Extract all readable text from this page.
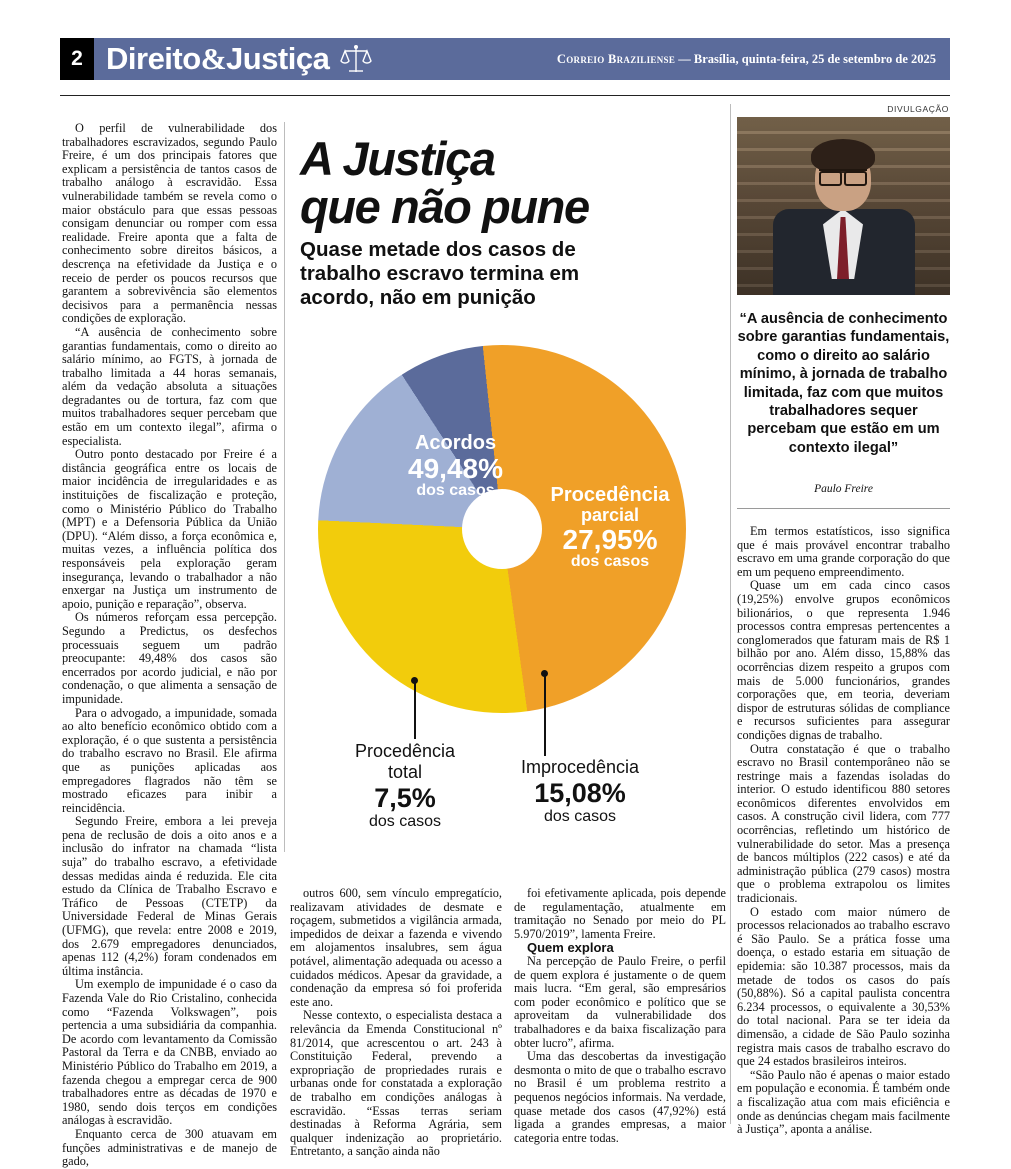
2 Direito & Justiça	Correio Braziliense — Brasília, quinta-feira, 25 de setembro de 2025
DIVULGAÇÃO
“A ausência de conhecimento sobre garantias fundamentais, como o direito ao salário mínimo, à jornada de trabalho limitada, faz com que muitos trabalhadores sequer percebam que estão em um contexto ilegal”
Paulo Freire
A Justiça
que não pune
Quase metade dos casos de trabalho escravo termina em acordo, não em punição
Acordos
49,48%
dos casos	Procedência
parcial
27,95%
dos casos
Procedência
total
7,5%
dos casos
Improcedência
15,08%
dos casos

O perfil de vulnerabilidade dos trabalhadores escravizados, segundo Paulo Freire, é um dos principais fatores que explicam a persistência de tantos casos de trabalho análogo à escravidão. Essa vulnerabilidade também se revela como o maior obstáculo para que essas pessoas consigam denunciar ou romper com essa realidade. Freire aponta que a falta de conhecimento sobre direitos básicos, a descrença na efetividade da Justiça e o receio de perder os poucos recursos que garantem a sobrevivência são elementos decisivos para a permanência nessas condições de exploração.

“A ausência de conhecimento sobre garantias fundamentais, como o direito ao salário mínimo, ao FGTS, à jornada de trabalho limitada a 44 horas semanais, além da vedação absoluta a situações degradantes ou de tortura, faz com que muitos trabalhadores sequer percebam que estão em um contexto ilegal”, afirma o especialista.

Outro ponto destacado por Freire é a distância geográfica entre os locais de maior incidência de irregularidades e as instituições de fiscalização e proteção, como o Ministério Público do Trabalho (MPT) e a Defensoria Pública da União (DPU). “Além disso, a força econômica e, muitas vezes, a influência política dos responsáveis pela exploração geram insegurança, levando o trabalhador a não enxergar na Justiça um instrumento de apoio, punição e reparação”, observa.

Os números reforçam essa percepção. Segundo a Predictus, os desfechos processuais seguem um padrão preocupante: 49,48% dos casos são encerrados por acordo judicial, e não por condenação, o que alimenta a sensação de impunidade.

Para o advogado, a impunidade, somada ao alto benefício econômico obtido com a exploração, é o que sustenta a persistência do trabalho escravo no Brasil. Ele afirma que as punições aplicadas aos empregadores flagrados não têm se mostrado eficazes para inibir a reincidência.

Segundo Freire, embora a lei preveja pena de reclusão de dois a oito anos e a inclusão do infrator na chamada “lista suja” do trabalho escravo, a efetividade dessas medidas ainda é reduzida. Ele cita estudo da Clínica de Trabalho Escravo e Tráfico de Pessoas (CTETP) da Universidade Federal de Minas Gerais (UFMG), que revela: entre 2008 e 2019, dos 2.679 empregadores denunciados, apenas 112 (4,2%) foram condenados em última instância.

Um exemplo de impunidade é o caso da Fazenda Vale do Rio Cristalino, conhecida como “Fazenda Volkswagen”, pois pertencia a uma subsidiária da companhia. De acordo com levantamento da Comissão Pastoral da Terra e da CNBB, enviado ao Ministério Público do Trabalho em 2019, a fazenda chegou a empregar cerca de 900 trabalhadores entre as décadas de 1970 e 1980, sendo dois terços em condições análogas à escravidão.

Enquanto cerca de 300 atuavam em funções administrativas e de manejo de gado,

outros 600, sem vínculo empregatício, realizavam atividades de desmate e roçagem, submetidos a vigilância armada, impedidos de deixar a fazenda e vivendo em alojamentos insalubres, sem água potável, alimentação adequada ou acesso a cuidados médicos. Apesar da gravidade, a condenação da empresa só foi proferida este ano.

Nesse contexto, o especialista destaca a relevância da Emenda Constitucional nº 81/2014, que acrescentou o art. 243 à Constituição Federal, prevendo a expropriação de propriedades rurais e urbanas onde for constatada a exploração de trabalho em condições análogas à escravidão. “Essas terras seriam destinadas à Reforma Agrária, sem qualquer indenização ao proprietário. Entretanto, a sanção ainda não

foi efetivamente aplicada, pois depende de regulamentação, atualmente em tramitação no Senado por meio do PL 5.970/2019”, lamenta Freire.

Quem explora

Na percepção de Paulo Freire, o perfil de quem explora é justamente o de quem mais lucra. “Em geral, são empresários com poder econômico e político que se aproveitam da vulnerabilidade dos trabalhadores e da baixa fiscalização para obter lucro”, afirma.

Uma das descobertas da investigação desmonta o mito de que o trabalho escravo no Brasil é um problema restrito a pequenos negócios informais. Na verdade, quase metade dos casos (47,92%) está ligada a grandes empresas, a maior categoria entre todas.

Em termos estatísticos, isso significa que é mais provável encontrar trabalho escravo em uma grande corporação do que em um pequeno empreendimento.

Quase um em cada cinco casos (19,25%) envolve grupos econômicos bilionários, o que representa 1.946 processos contra empresas pertencentes a conglomerados que faturam mais de R$ 1 bilhão por ano. Além disso, 15,88% das ocorrências dizem respeito a grupos com mais de 5.000 funcionários, grandes corporações que, em teoria, deveriam dispor de estruturas sólidas de compliance e recursos suficientes para assegurar condições dignas de trabalho.

Outra constatação é que o trabalho escravo no Brasil contemporâneo não se restringe mais a fazendas isoladas do interior. O estudo identificou 880 setores econômicos diferentes envolvidos em casos. A construção civil lidera, com 777 ocorrências, refletindo um histórico de vulnerabilidade do setor. Mas a presença de bancos múltiplos (222 casos) e até da administração pública (279 casos) mostra que o problema extrapolou os limites tradicionais.

O estado com maior número de processos relacionados ao trabalho escravo é São Paulo. Se a prática fosse uma doença, o estado estaria em situação de epidemia: são 10.387 processos, mais da metade de todos os casos do país (50,88%). Só a capital paulista concentra 6.234 processos, o equivalente a 30,53% do total nacional. Para se ter ideia da dimensão, a cidade de São Paulo sozinha registra mais casos de trabalho escravo do que 24 estados brasileiros inteiros.

“São Paulo não é apenas o maior estado em população e economia. É também onde a fiscalização atua com mais eficiência e onde as denúncias chegam mais facilmente à Justiça”, aponta a análise.
